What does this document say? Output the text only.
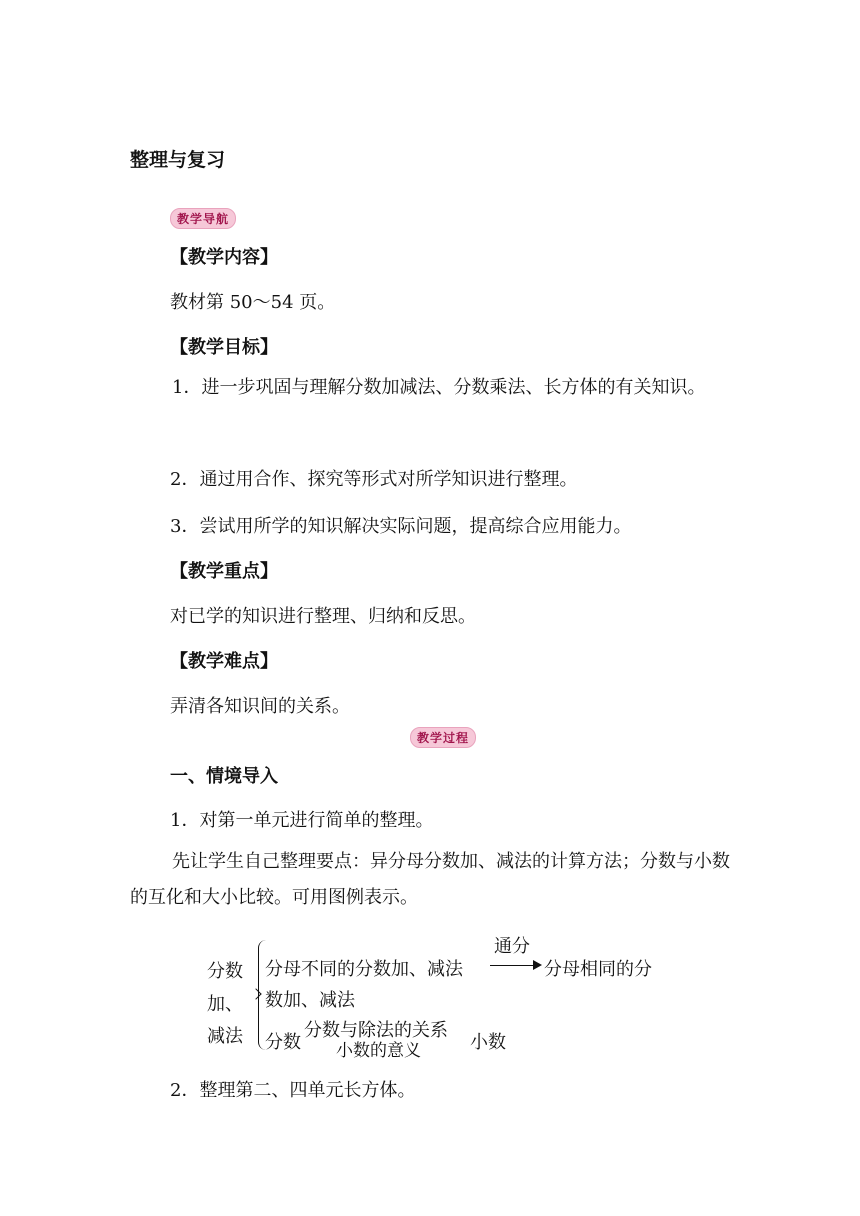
整理与复习
教学导航
【教学内容】
教材第 50～54 页。
【教学目标】
1．进一步巩固与理解分数加减法、分数乘法、长方体的有关知识。
2．通过用合作、探究等形式对所学知识进行整理。
3．尝试用所学的知识解决实际问题，提高综合应用能力。
【教学重点】
对已学的知识进行整理、归纳和反思。
【教学难点】
弄清各知识间的关系。
教学过程
一、情境导入
1．对第一单元进行简单的整理。
先让学生自己整理要点：异分母分数加、减法的计算方法；分数与小数的互化和大小比较。可用图例表示。
分数
加、
减法
通分
分母不同的分数加、减法	分母相同的分
数加、减法
分数
分数与除法的关系
小数的意义	小数
2．整理第二、四单元长方体。
